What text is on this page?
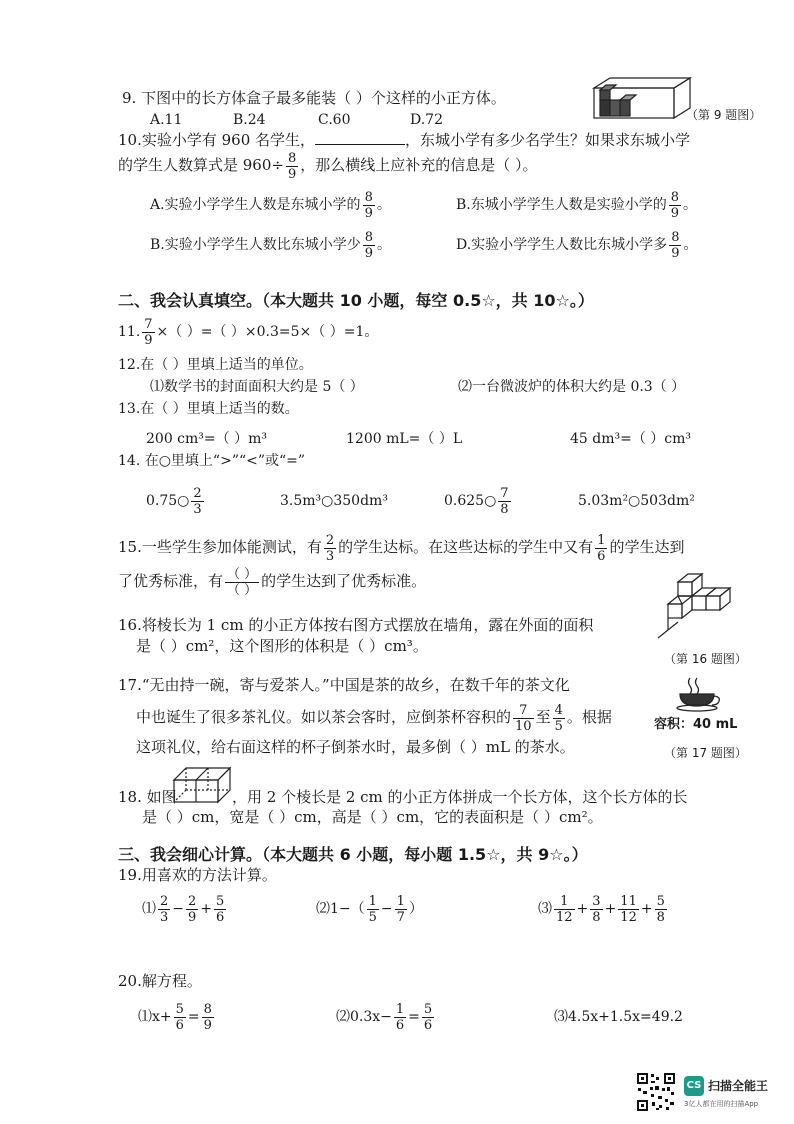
9. 下图中的长方体盒子最多能装（ ）个这样的小正方体。
A.11	B.24	C.60	D.72	（第 9 题图）
10.实验小学有 960 名学生，	，东城小学有多少名学生？如果求东城小学
的学生人数算式是 $960\div \frac{8}{9}$ ，那么横线上应补充的信息是（ ）。
A.实验小学学生人数是东城小学的 $\frac{8}{9}$ 。	B.东城小学学生人数是实验小学的 $\frac{8}{9}$ 。
B.实验小学学生人数比东城小学少 $\frac{8}{9}$ 。	D.实验小学学生人数比东城小学多 $\frac{8}{9}$ 。
二、我会认真填空。（本大题共 10 小题，每空 0.5☆，共 10☆。）
11. $\frac{7}{9}$ ×（ ）=（ ）×0.3=5×（ ）=1。
12.在（ ）里填上适当的单位。
⑴数学书的封面面积大约是 5（ ）	⑵一台微波炉的体积大约是 0.3（ ）
13.在（ ）里填上适当的数。
200 cm³=（ ）m³	1200 mL=（ ）L	45 dm³=（ ）cm³
14. 在○里填上“>”“<”或“=”
0.75○ $\frac{2}{3}$	3.5m³○350dm³	0.625○ $\frac{7}{8}$	5.03m²○503dm²
15.一些学生参加体能测试，有 $\frac{2}{3}$ 的学生达标。在这些达标的学生中又有 $\frac{1}{6}$ 的学生达到
了优秀标准，有 $\frac{( )}{( )}$ 的学生达到了优秀标准。
16.将棱长为 1 cm 的小正方体按右图方式摆放在墙角，露在外面的面积
是（ ）cm²，这个图形的体积是（ ）cm³。
（第 16 题图）
17.“无由持一碗，寄与爱茶人。”中国是茶的故乡，在数千年的茶文化
中也诞生了很多茶礼仪。如以茶会客时，应倒茶杯容积的 $\frac{7}{10}$ 至 $\frac{4}{5}$ 。根据
这项礼仪，给右面这样的杯子倒茶水时，最多倒（ ）mL 的茶水。
容积：40 mL
（第 17 题图）
18. 如图	，用 2 个棱长是 2 cm 的小正方体拼成一个长方体，这个长方体的长
是（ ）cm，宽是（ ）cm，高是（ ）cm，它的表面积是（ ）cm²。
三、我会细心计算。（本大题共 6 小题，每小题 1.5☆，共 9☆。）
19.用喜欢的方法计算。
⑴ $\frac{2}{3} - \frac{2}{9} + \frac{5}{6}$	⑵1−（ $\frac{1}{5} - \frac{1}{7}$ ）	⑶ $\frac{1}{12} + \frac{3}{8} + \frac{11}{12} + \frac{5}{8}$
20.解方程。
⑴x+ $\frac{5}{6} = \frac{8}{9}$	⑵0.3x− $\frac{1}{6} = \frac{5}{6}$	⑶4.5x+1.5x=49.2
CS 扫描全能王
3亿人都在用的扫描App
